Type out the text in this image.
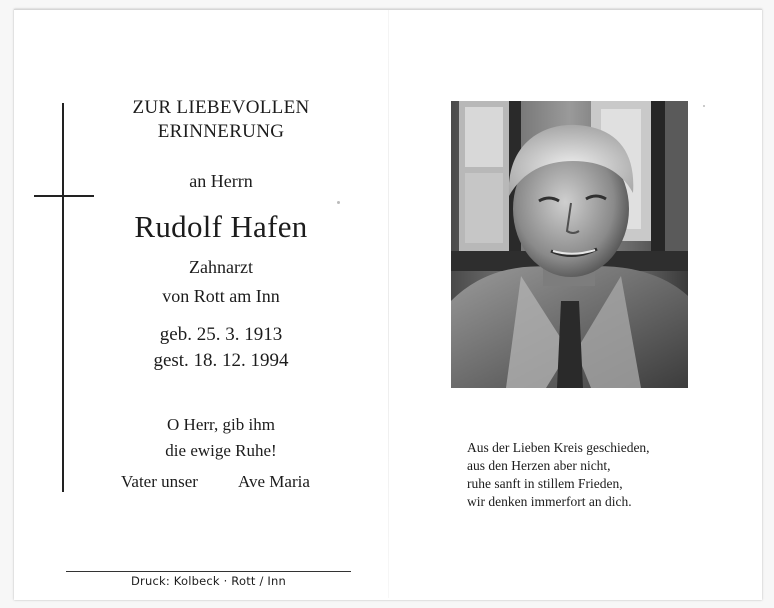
ZUR LIEBEVOLLEN
ERINNERUNG
an Herrn
Rudolf Hafen
Zahnarzt
von Rott am Inn
geb. 25. 3. 1913
gest. 18. 12. 1994
O Herr, gib ihm
die ewige Ruhe!
Vater unser Ave Maria
Druck: Kolbeck · Rott / Inn
Aus der Lieben Kreis geschieden,
aus den Herzen aber nicht,
ruhe sanft in stillem Frieden,
wir denken immerfort an dich.
